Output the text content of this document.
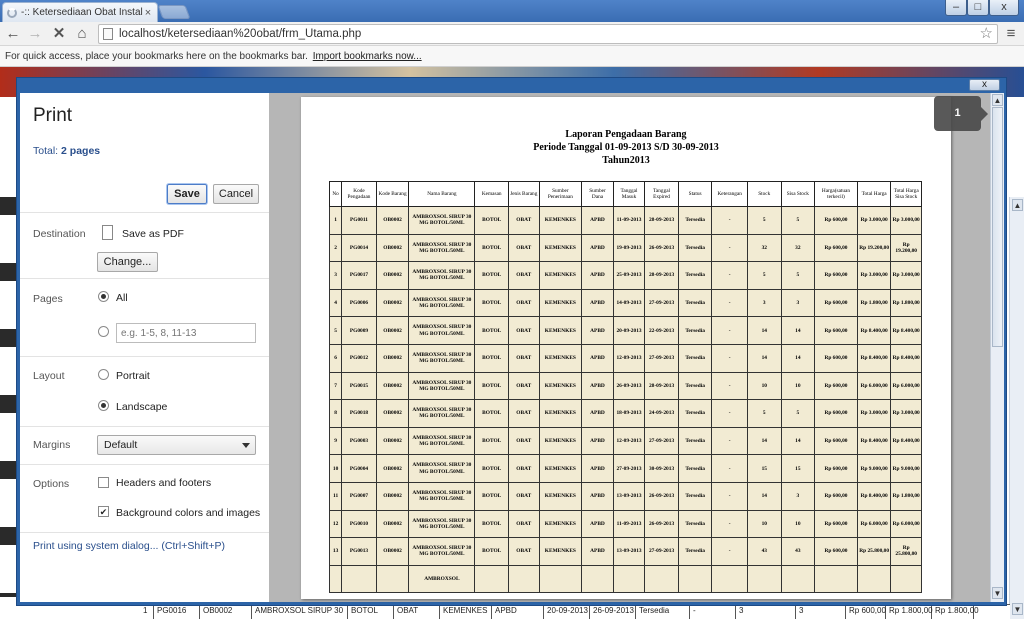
-:: Ketersediaan Obat Instal ×	–	□	x
← → ✕ ⌂	localhost/ketersediaan%20obat/frm_Utama.php	☆ ≡
For quick access, place your bookmarks here on the bookmarks bar. Import bookmarks now...
▲
▼
1	PG0016	OB0002	AMBROXSOL SIRUP 30 BOTOL	OBAT	KEMENKES APBD	20-09-2013 26-09-2013 Tersedia	-	3	3	Rp 600,00 Rp 1.800,00 Rp 1.800,00
x
Print
Total: 2 pages
Save	Cancel
Destination	Save as PDF
Change...
Pages	All
e.g. 1-5, 8, 11-13
Layout	Portrait
Landscape
Margins	Default
Options	Headers and footers
✔ Background colors and images
Print using system dialog... (Ctrl+Shift+P)
Laporan Pengadaan Barang
Periode Tanggal 01-09-2013 S/D 30-09-2013
Tahun2013
No	Kode Pengadaan	Kode Barang	Nama Barang	Kemasan	Jenis Barang	Sumber Penerimaan	Sumber Dana	Tanggal Masuk	Tanggal Expired	Status	Keterangan	Stock	Sisa Stock	Harga(satuan terkecil)	Total Harga	Total Harga Sisa Stock
1	PG0011	OB0002	AMBROXSOL SIRUP 30 MG BOTOL/50ML	BOTOL	OBAT	KEMENKES	APBD	11-09-2013	28-09-2013	Tersedia	-	5	5	Rp 600,00	Rp 3.000,00	Rp 3.000,00
2	PG0014	OB0002	AMBROXSOL SIRUP 30 MG BOTOL/50ML	BOTOL	OBAT	KEMENKES	APBD	19-09-2013	26-09-2013	Tersedia	-	32	32	Rp 600,00	Rp 19.200,00	Rp 19.200,00
3	PG0017	OB0002	AMBROXSOL SIRUP 30 MG BOTOL/50ML	BOTOL	OBAT	KEMENKES	APBD	25-09-2013	28-09-2013	Tersedia	-	5	5	Rp 600,00	Rp 3.000,00	Rp 3.000,00
4	PG0006	OB0002	AMBROXSOL SIRUP 30 MG BOTOL/50ML	BOTOL	OBAT	KEMENKES	APBD	14-09-2013	27-09-2013	Tersedia	-	3	3	Rp 600,00	Rp 1.800,00	Rp 1.800,00
5	PG0009	OB0002	AMBROXSOL SIRUP 30 MG BOTOL/50ML	BOTOL	OBAT	KEMENKES	APBD	20-09-2013	22-09-2013	Tersedia	-	14	14	Rp 600,00	Rp 8.400,00	Rp 8.400,00
6	PG0012	OB0002	AMBROXSOL SIRUP 30 MG BOTOL/50ML	BOTOL	OBAT	KEMENKES	APBD	12-09-2013	27-09-2013	Tersedia	-	14	14	Rp 600,00	Rp 8.400,00	Rp 8.400,00
7	PG0015	OB0002	AMBROXSOL SIRUP 30 MG BOTOL/50ML	BOTOL	OBAT	KEMENKES	APBD	26-09-2013	28-09-2013	Tersedia	-	10	10	Rp 600,00	Rp 6.000,00	Rp 6.000,00
8	PG0018	OB0002	AMBROXSOL SIRUP 30 MG BOTOL/50ML	BOTOL	OBAT	KEMENKES	APBD	18-09-2013	24-09-2013	Tersedia	-	5	5	Rp 600,00	Rp 3.000,00	Rp 3.000,00
9	PG0003	OB0002	AMBROXSOL SIRUP 30 MG BOTOL/50ML	BOTOL	OBAT	KEMENKES	APBD	12-09-2013	27-09-2013	Tersedia	-	14	14	Rp 600,00	Rp 8.400,00	Rp 8.400,00
10	PG0004	OB0002	AMBROXSOL SIRUP 30 MG BOTOL/50ML	BOTOL	OBAT	KEMENKES	APBD	27-09-2013	30-09-2013	Tersedia	-	15	15	Rp 600,00	Rp 9.000,00	Rp 9.000,00
11	PG0007	OB0002	AMBROXSOL SIRUP 30 MG BOTOL/50ML	BOTOL	OBAT	KEMENKES	APBD	13-09-2013	26-09-2013	Tersedia	-	14	3	Rp 600,00	Rp 8.400,00	Rp 1.800,00
12	PG0010	OB0002	AMBROXSOL SIRUP 30 MG BOTOL/50ML	BOTOL	OBAT	KEMENKES	APBD	11-09-2013	26-09-2013	Tersedia	-	10	10	Rp 600,00	Rp 6.000,00	Rp 6.000,00
13	PG0013	OB0002	AMBROXSOL SIRUP 30 MG BOTOL/50ML	BOTOL	OBAT	KEMENKES	APBD	13-09-2013	27-09-2013	Tersedia	-	43	43	Rp 600,00	Rp 25.800,00	Rp 25.800,00
			AMBROXSOL													
1
▲
▼
